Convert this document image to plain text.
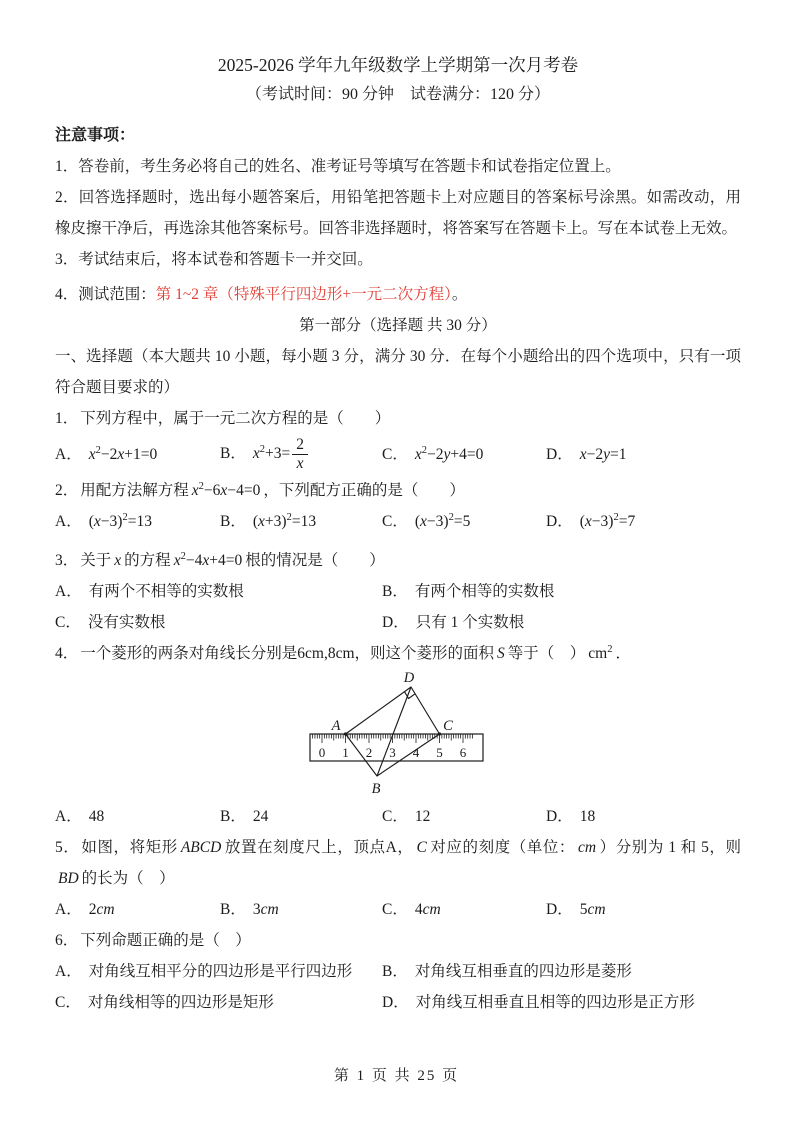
2025-2026 学年九年级数学上学期第一次月考卷
（考试时间：90 分钟　试卷满分：120 分）
注意事项：

1．答卷前，考生务必将自己的姓名、准考证号等填写在答题卡和试卷指定位置上。

2．回答选择题时，选出每小题答案后，用铅笔把答题卡上对应题目的答案标号涂黑。如需改动，用橡皮擦干净后，再选涂其他答案标号。回答非选择题时，将答案写在答题卡上。写在本试卷上无效。

3．考试结束后，将本试卷和答题卡一并交回。

4．测试范围：第 1~2 章（特殊平行四边形+一元二次方程）。

第一部分（选择题 共 30 分）

一、选择题（本大题共 10 小题，每小题 3 分，满分 30 分．在每个小题给出的四个选项中，只有一项符合题目要求的）

1． 下列方程中，属于一元二次方程的是（　　）

A． $x^2-2x+1=0$	B． $x^2+3= \frac{2}{x}$	C． $x^2-2y+4=0$	D． x−2y=1

2． 用配方法解方程 $x^2-6x-4=0$ ，下列配方正确的是（　　）

A． $(x-3)^2=13$	B． $(x+3)^2=13$	C． $(x-3)^2=5$	D． $(x-3)^2=7$

3． 关于 x 的方程 $x^2-4x+4=0$ 根的情况是（　　）

A． 有两个不相等的实数根	B． 有两个相等的实数根
C． 没有实数根	D． 只有 1 个实数根

4． 一个菱形的两条对角线长分别是6cm,8cm，则这个菱形的面积 S 等于（　） $cm^2$ ．

0 1 2 3 4 5 6
A
B
C
D
A． 48	B． 24	C． 12	D． 18

5． 如图，将矩形 ABCD 放置在刻度尺上，顶点A， C 对应的刻度（单位： cm ）分别为 1 和 5，则BD 的长为（　）

A． 2cm	B． 3cm	C． 4cm	D． 5cm

6． 下列命题正确的是（　）

A． 对角线互相平分的四边形是平行四边形	B． 对角线互相垂直的四边形是菱形
C． 对角线相等的四边形是矩形	D． 对角线互相垂直且相等的四边形是正方形
第 1 页 共 25 页
